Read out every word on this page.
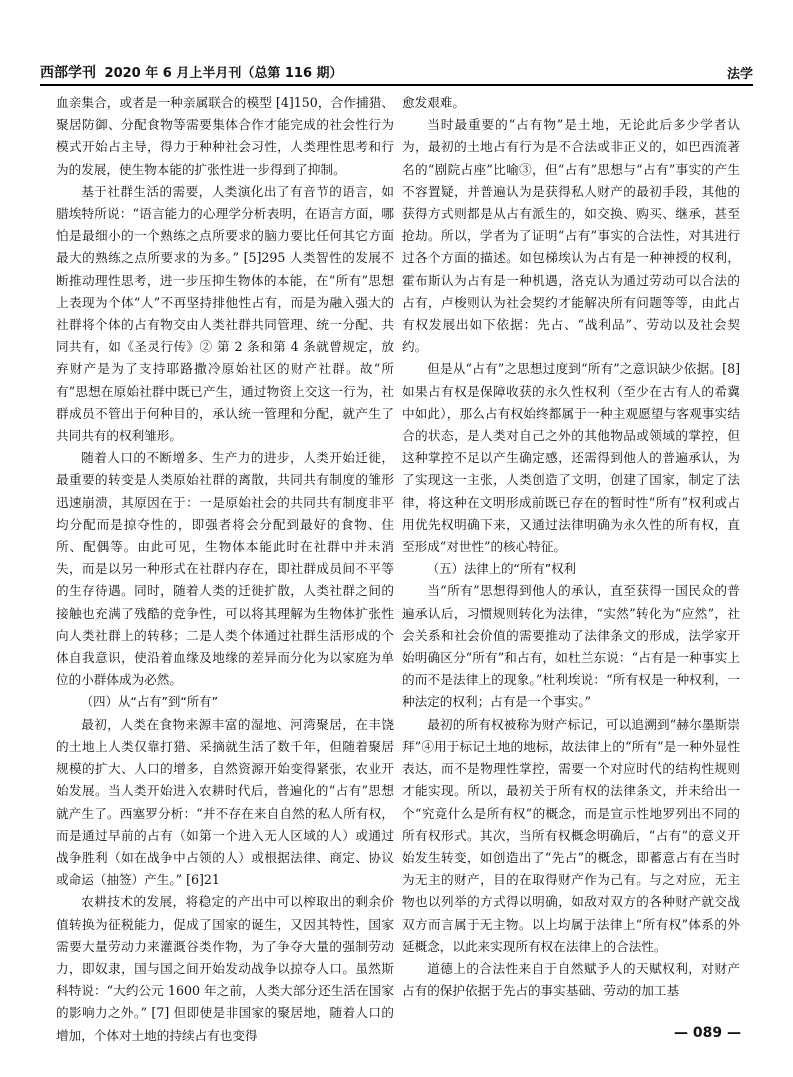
西部学刊 2020 年 6 月上半月刊（总第 116 期）	法学

血亲集合，或者是一种亲属联合的模型 [4]150，合作捕猎、聚居防御、分配食物等需要集体合作才能完成的社会性行为模式开始占主导，得力于种种社会习性，人类理性思考和行为的发展，使生物本能的扩张性进一步得到了抑制。

基于社群生活的需要，人类演化出了有音节的语言，如腊埃特所说：“语言能力的心理学分析表明，在语言方面，哪怕是最细小的一个熟练之点所要求的脑力要比任何其它方面最大的熟练之点所要求的为多。” [5]295 人类智性的发展不断推动理性思考，进一步压抑生物体的本能，在“所有”思想上表现为个体“人”不再坚持排他性占有，而是为融入强大的社群将个体的占有物交由人类社群共同管理、统一分配、共同共有，如《圣灵行传》② 第 2 条和第 4 条就曾规定，放弃财产是为了支持耶路撒冷原始社区的财产社群。故“所有”思想在原始社群中既已产生，通过物资上交这一行为，社群成员不管出于何种目的，承认统一管理和分配，就产生了共同共有的权利雏形。

随着人口的不断增多、生产力的进步，人类开始迁徙，最重要的转变是人类原始社群的离散，共同共有制度的雏形迅速崩溃，其原因在于：一是原始社会的共同共有制度非平均分配而是掠夺性的，即强者将会分配到最好的食物、住所、配偶等。由此可见，生物体本能此时在社群中并未消失，而是以另一种形式在社群内存在，即社群成员间不平等的生存待遇。同时，随着人类的迁徙扩散，人类社群之间的接触也充满了残酷的竞争性，可以将其理解为生物体扩张性向人类社群上的转移；二是人类个体通过社群生活形成的个体自我意识，使沿着血缘及地缘的差异而分化为以家庭为单位的小群体成为必然。

（四）从“占有”到“所有”

最初，人类在食物来源丰富的湿地、河湾聚居，在丰饶的土地上人类仅靠打猎、采摘就生活了数千年，但随着聚居规模的扩大、人口的增多，自然资源开始变得紧张，农业开始发展。当人类开始进入农耕时代后，普遍化的“占有”思想就产生了。西塞罗分析：“并不存在来自自然的私人所有权，而是通过早前的占有（如第一个进入无人区域的人）或通过战争胜利（如在战争中占领的人）或根据法律、商定、协议或命运（抽签）产生。” [6]21

农耕技术的发展，将稳定的产出中可以榨取出的剩余价值转换为征税能力，促成了国家的诞生，又因其特性，国家需要大量劳动力来灌溉谷类作物，为了争夺大量的强制劳动力，即奴隶，国与国之间开始发动战争以掠夺人口。虽然斯科特说：“大约公元 1600 年之前，人类大部分还生活在国家的影响力之外。” [7] 但即使是非国家的聚居地，随着人口的增加，个体对土地的持续占有也变得

愈发艰难。

当时最重要的“占有物”是土地，无论此后多少学者认为，最初的土地占有行为是不合法或非正义的，如巴西流著名的“剧院占座”比喻③，但“占有”思想与“占有”事实的产生不容置疑，并普遍认为是获得私人财产的最初手段，其他的获得方式则都是从占有派生的，如交换、购买、继承，甚至抢劫。所以，学者为了证明“占有”事实的合法性，对其进行过各个方面的描述。如包梯埃认为占有是一种神授的权利，霍布斯认为占有是一种机遇，洛克认为通过劳动可以合法的占有，卢梭则认为社会契约才能解决所有问题等等，由此占有权发展出如下依据：先占、“战利品”、劳动以及社会契约。

但是从“占有”之思想过度到“所有”之意识缺少依据。[8] 如果占有权是保障收获的永久性权利（至少在古有人的希冀中如此），那么占有权始终都属于一种主观愿望与客观事实结合的状态，是人类对自己之外的其他物品或领域的掌控，但这种掌控不足以产生确定感，还需得到他人的普遍承认，为了实现这一主张，人类创造了文明，创建了国家，制定了法律，将这种在文明形成前既已存在的暂时性“所有”权利或占用优先权明确下来，又通过法律明确为永久性的所有权，直至形成“对世性”的核心特征。

（五）法律上的“所有”权利

当“所有”思想得到他人的承认，直至获得一国民众的普遍承认后，习惯规则转化为法律，“实然”转化为“应然”，社会关系和社会价值的需要推动了法律条文的形成，法学家开始明确区分“所有”和占有，如杜兰东说：“占有是一种事实上的而不是法律上的现象。”杜利埃说：“所有权是一种权利，一种法定的权利；占有是一个事实。”

最初的所有权被称为财产标记，可以追溯到“赫尔墨斯崇拜”④用于标记土地的地标，故法律上的“所有”是一种外显性表达，而不是物理性掌控，需要一个对应时代的结构性规则才能实现。所以，最初关于所有权的法律条文，并未给出一个“究竟什么是所有权”的概念，而是宣示性地罗列出不同的所有权形式。其次，当所有权概念明确后，“占有”的意义开始发生转变，如创造出了“先占”的概念，即蓄意占有在当时为无主的财产，目的在取得财产作为己有。与之对应，无主物也以列举的方式得以明确，如敌对双方的各种财产就交战双方而言属于无主物。以上均属于法律上“所有权”体系的外延概念，以此来实现所有权在法律上的合法性。

道德上的合法性来自于自然赋予人的天赋权利，对财产占有的保护依据于先占的事实基础、劳动的加工基

— 089 —
